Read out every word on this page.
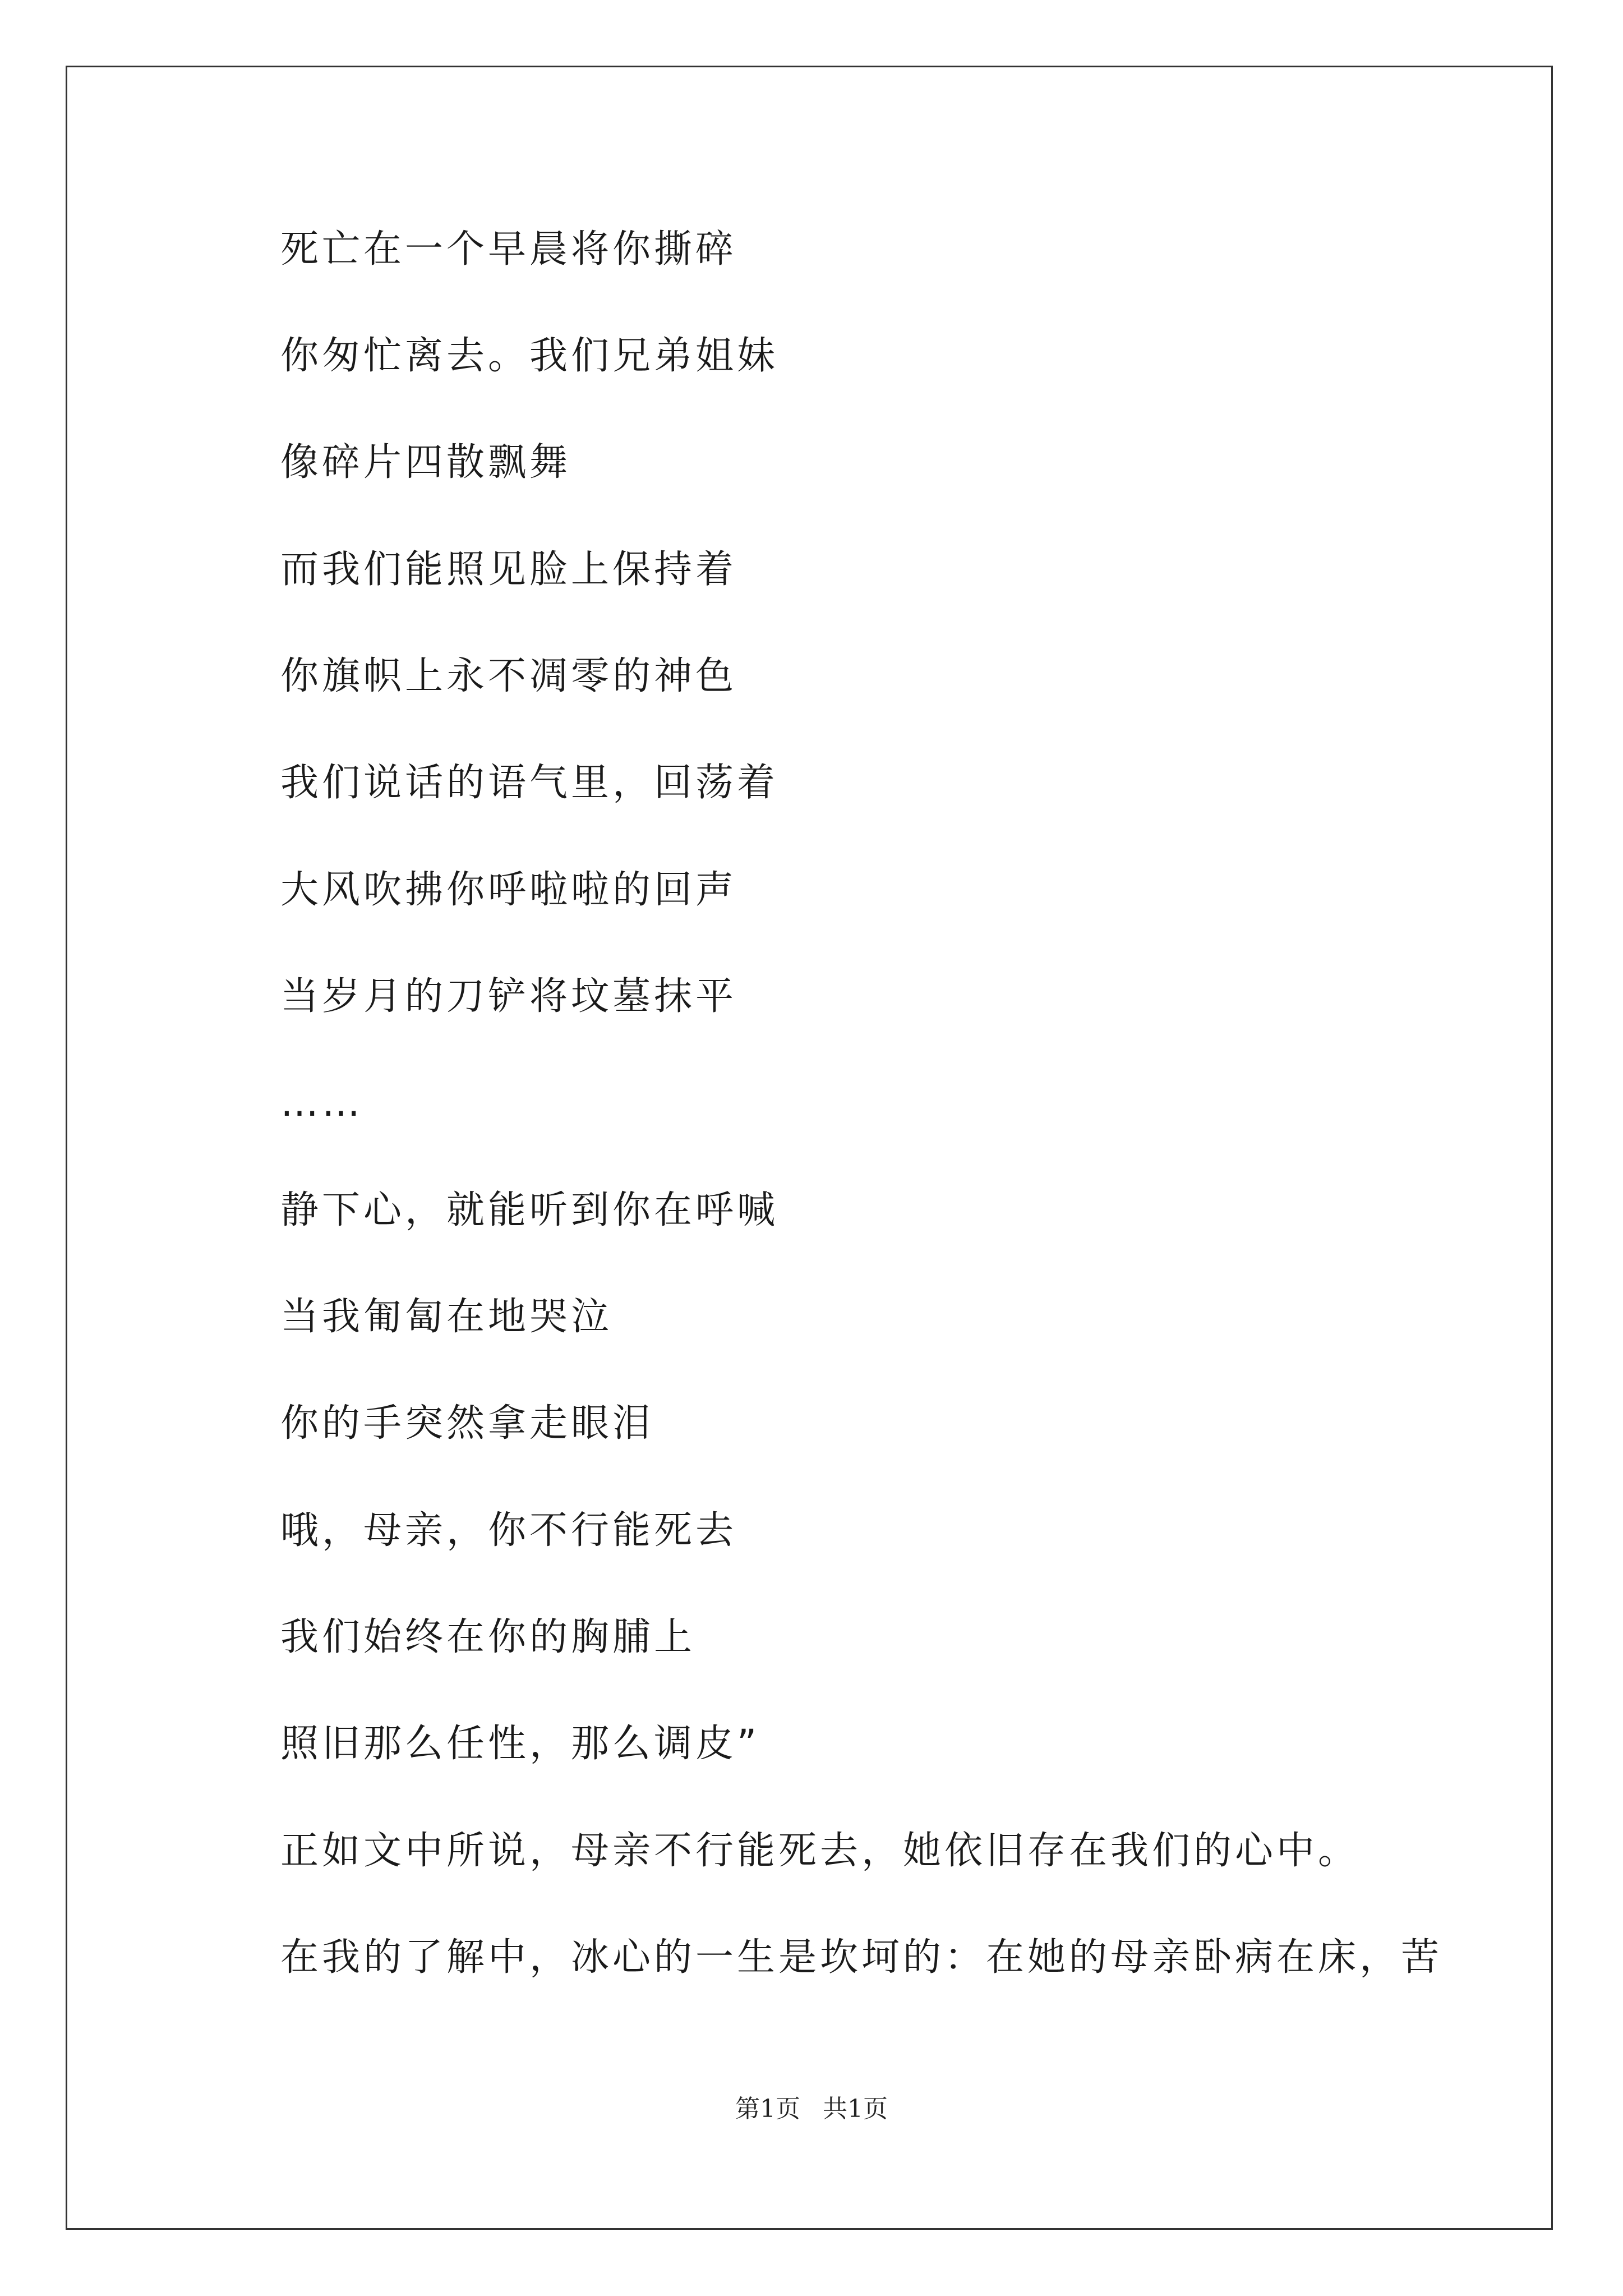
死亡在一个早晨将你撕碎
你匆忙离去。我们兄弟姐妹
像碎片四散飘舞
而我们能照见脸上保持着
你旗帜上永不凋零的神色
我们说话的语气里，回荡着
大风吹拂你呼啦啦的回声
当岁月的刀铲将坟墓抹平
……
静下心，就能听到你在呼喊
当我匍匐在地哭泣
你的手突然拿走眼泪
哦，母亲，你不行能死去
我们始终在你的胸脯上
照旧那么任性，那么调皮”
正如文中所说，母亲不行能死去，她依旧存在我们的心中。
在我的了解中，冰心的一生是坎坷的：在她的母亲卧病在床，苦
第1页 共1页
